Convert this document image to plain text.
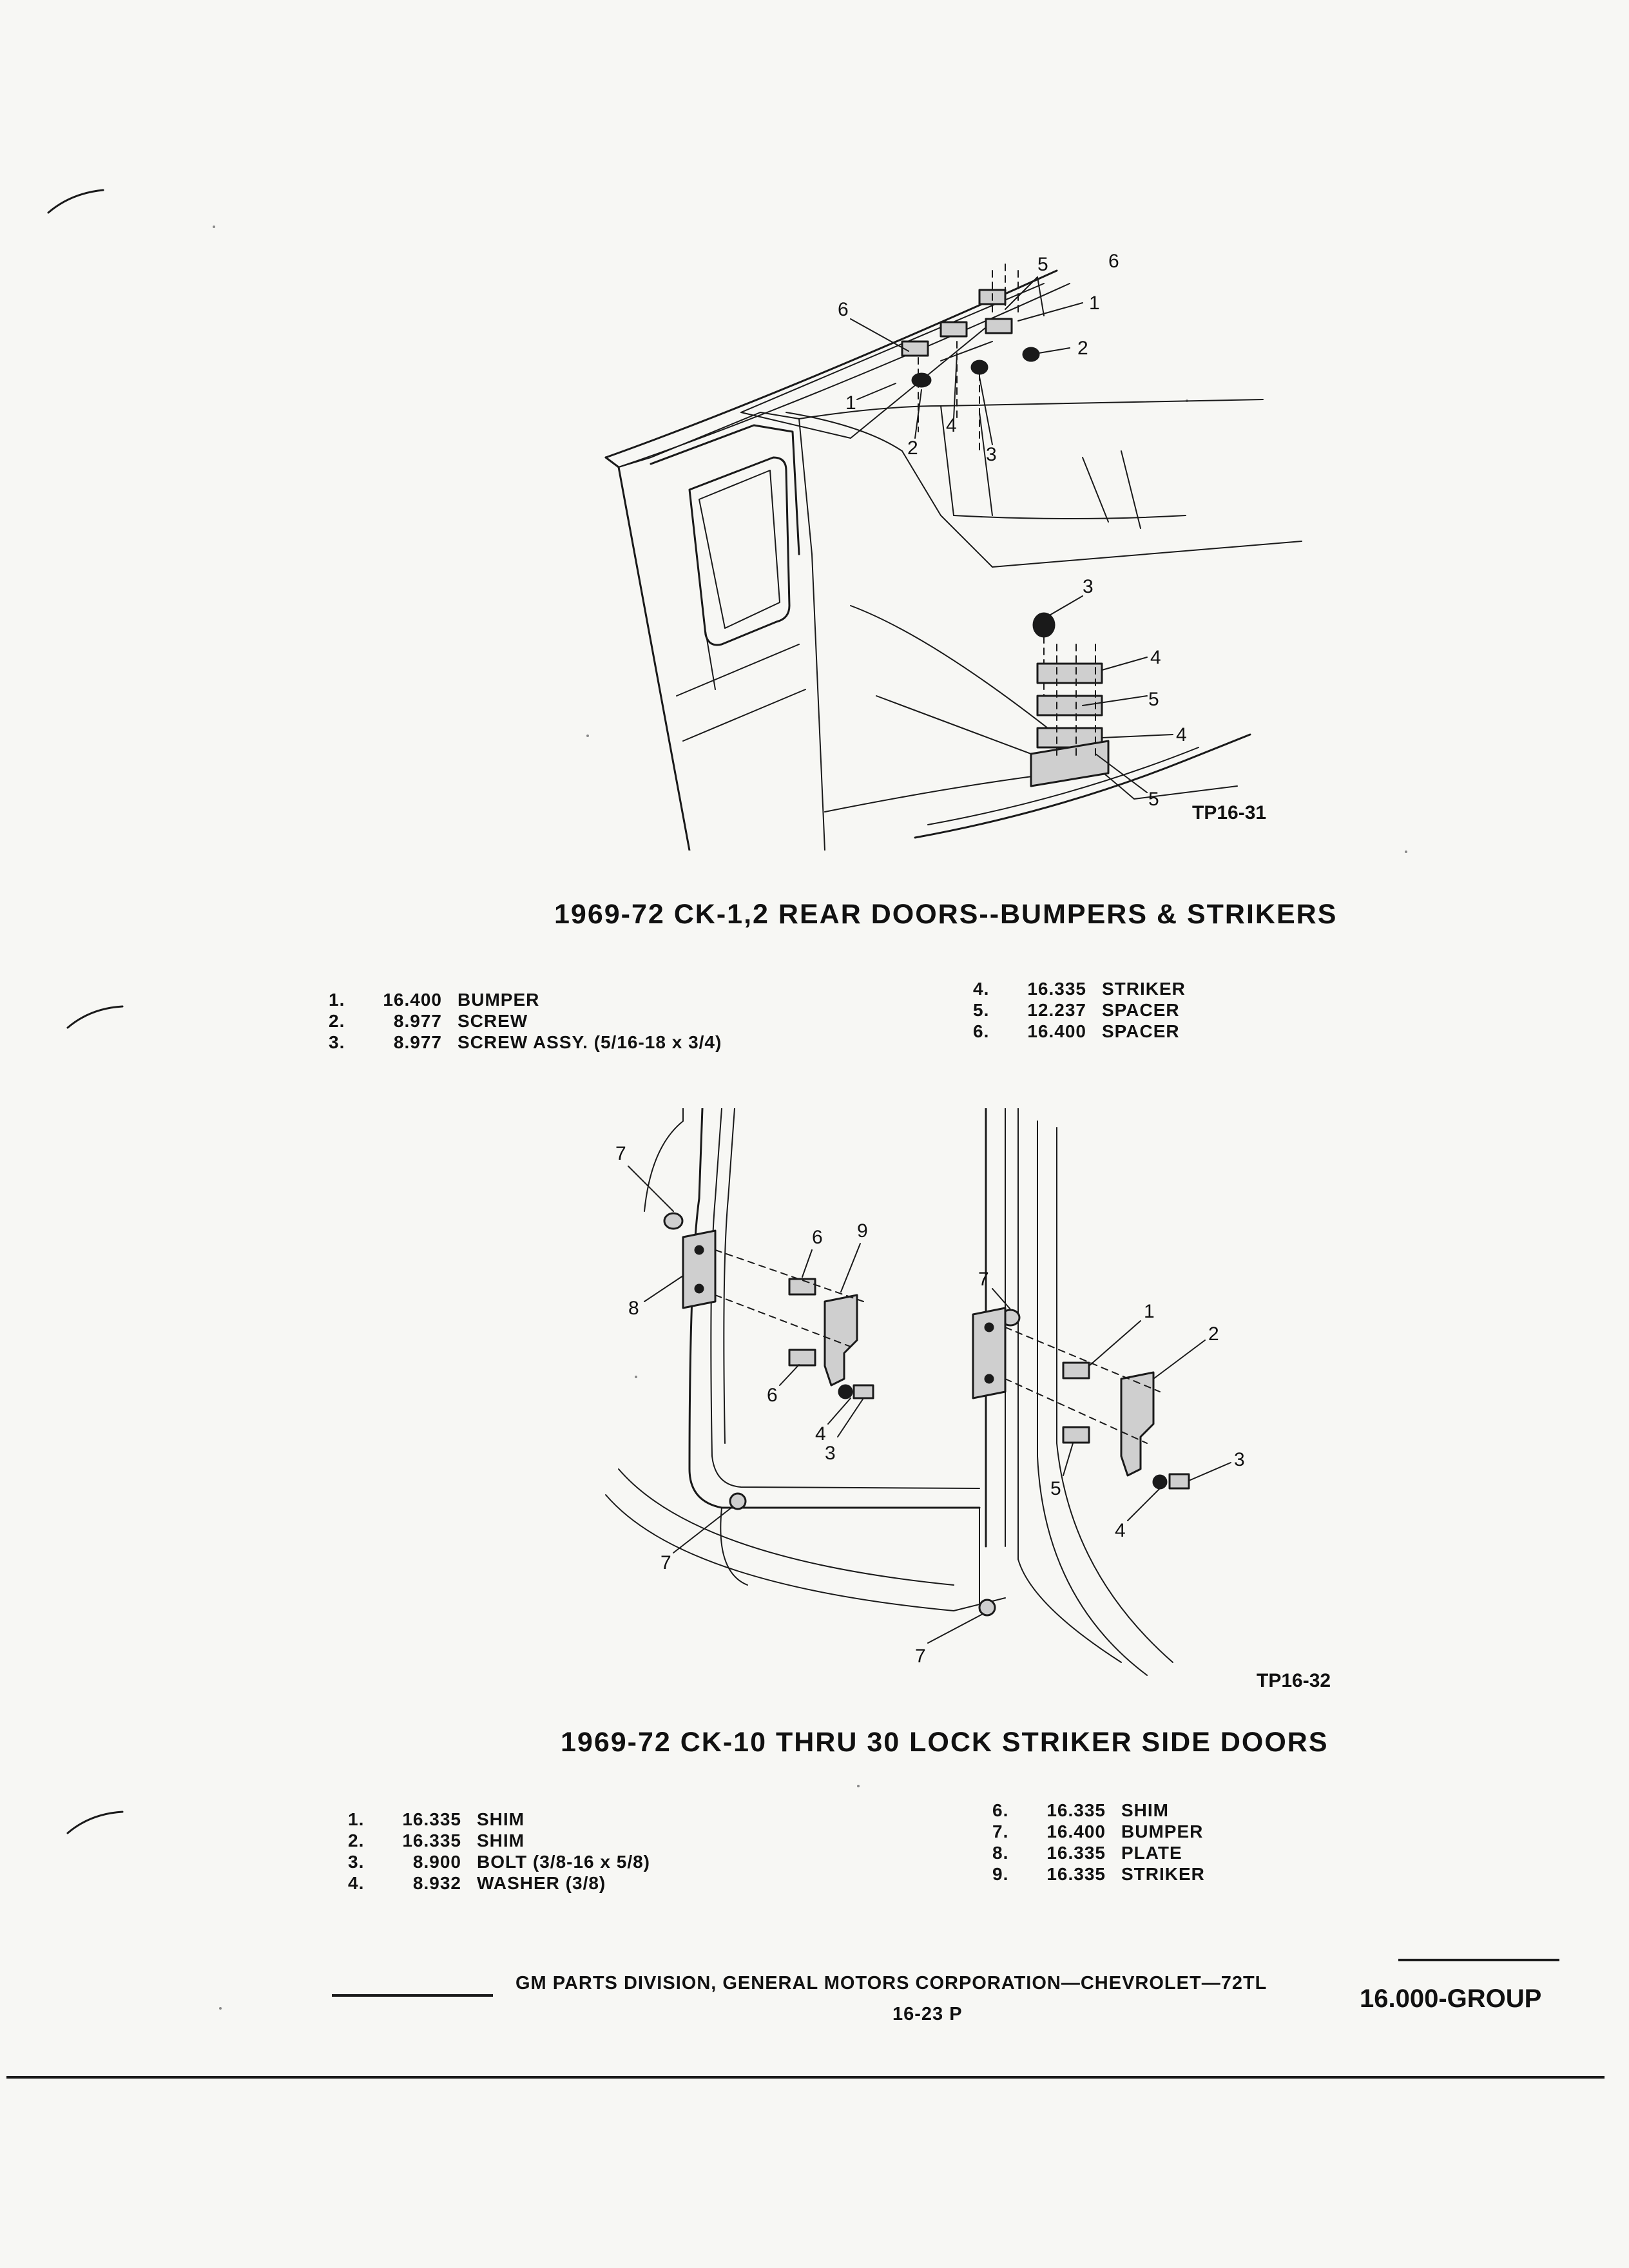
5	6
1
2
6
1
2
4
3
3
4
5
4
5
TP16-31
1969-72 CK-1,2 REAR DOORS--BUMPERS & STRIKERS
1.	16.400 BUMPER
2.	8.977 SCREW
3.	8.977 SCREW ASSY. (5/16-18 x 3/4)
4.	16.335 STRIKER
5.	12.237 SPACER
6.	16.400 SPACER
7
8
6 9
6
4
3
7
1
2
5
4
3
7
7
TP16-32
1969-72 CK-10 THRU 30 LOCK STRIKER SIDE DOORS
1.	16.335 SHIM
2.	16.335 SHIM
3.	8.900 BOLT (3/8-16 x 5/8)
4.	8.932 WASHER (3/8)
6.	16.335 SHIM
7.	16.400 BUMPER
8.	16.335 PLATE
9.	16.335 STRIKER
GM PARTS DIVISION, GENERAL MOTORS CORPORATION—CHEVROLET—72TL
16-23 P
16.000-GROUP
